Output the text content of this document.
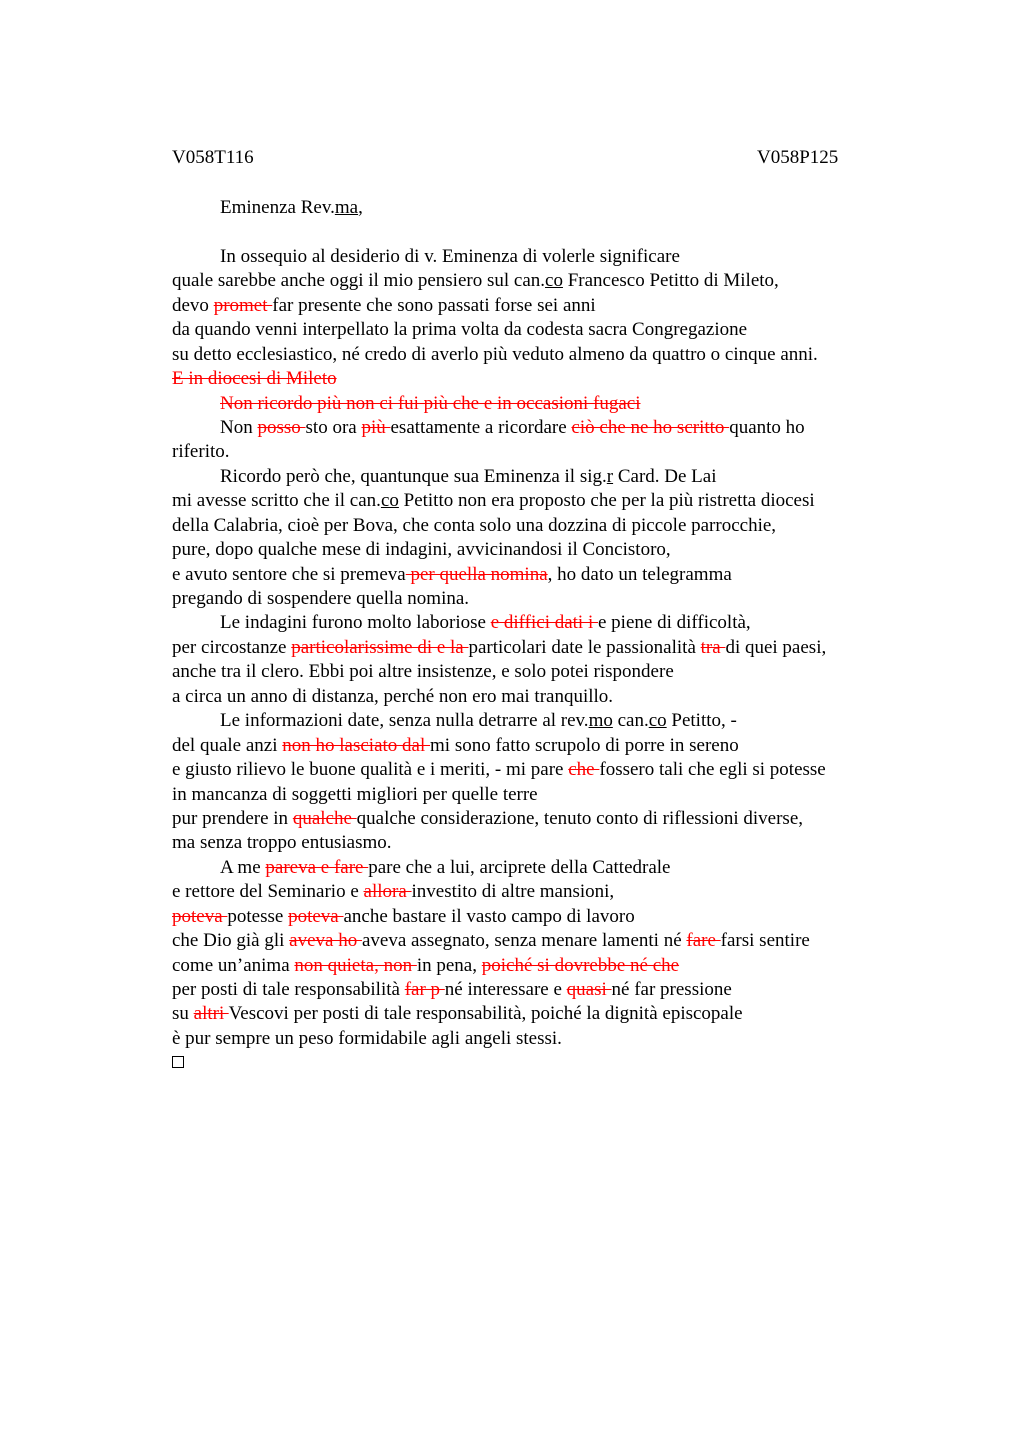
V058T116	V058P125
Eminenza Rev.ma,
In ossequio al desiderio di v. Eminenza di volerle significare
quale sarebbe anche oggi il mio pensiero sul can.co Francesco Petitto di Mileto,
devo promet far presente che sono passati forse sei anni
da quando venni interpellato la prima volta da codesta sacra Congregazione
su detto ecclesiastico, né credo di averlo più veduto almeno da quattro o cinque anni.
E in diocesi di Mileto
Non ricordo più non ci fui più che e in occasioni fugaci
Non posso sto ora più esattamente a ricordare ciò che ne ho scritto quanto ho
riferito.
Ricordo però che, quantunque sua Eminenza il sig.r Card. De Lai
mi avesse scritto che il can.co Petitto non era proposto che per la più ristretta diocesi
della Calabria, cioè per Bova, che conta solo una dozzina di piccole parrocchie,
pure, dopo qualche mese di indagini, avvicinandosi il Concistoro,
e avuto sentore che si premeva per quella nomina, ho dato un telegramma
pregando di sospendere quella nomina.
Le indagini furono molto laboriose e diffici dati i e piene di difficoltà,
per circostanze particolarissime di e la particolari date le passionalità tra di quei paesi,
anche tra il clero. Ebbi poi altre insistenze, e solo potei rispondere
a circa un anno di distanza, perché non ero mai tranquillo.
Le informazioni date, senza nulla detrarre al rev.mo can.co Petitto, -
del quale anzi non ho lasciato dal mi sono fatto scrupolo di porre in sereno
e giusto rilievo le buone qualità e i meriti, - mi pare che fossero tali che egli si potesse
in mancanza di soggetti migliori per quelle terre
pur prendere in qualche qualche considerazione, tenuto conto di riflessioni diverse,
ma senza troppo entusiasmo.
A me pareva e fare pare che a lui, arciprete della Cattedrale
e rettore del Seminario e allora investito di altre mansioni,
poteva potesse poteva anche bastare il vasto campo di lavoro
che Dio già gli aveva ho aveva assegnato, senza menare lamenti né fare farsi sentire
come un’anima non quieta, non in pena, poiché si dovrebbe né che
per posti di tale responsabilità far p né interessare e quasi né far pressione
su altri Vescovi per posti di tale responsabilità, poiché la dignità episcopale
è pur sempre un peso formidabile agli angeli stessi.
